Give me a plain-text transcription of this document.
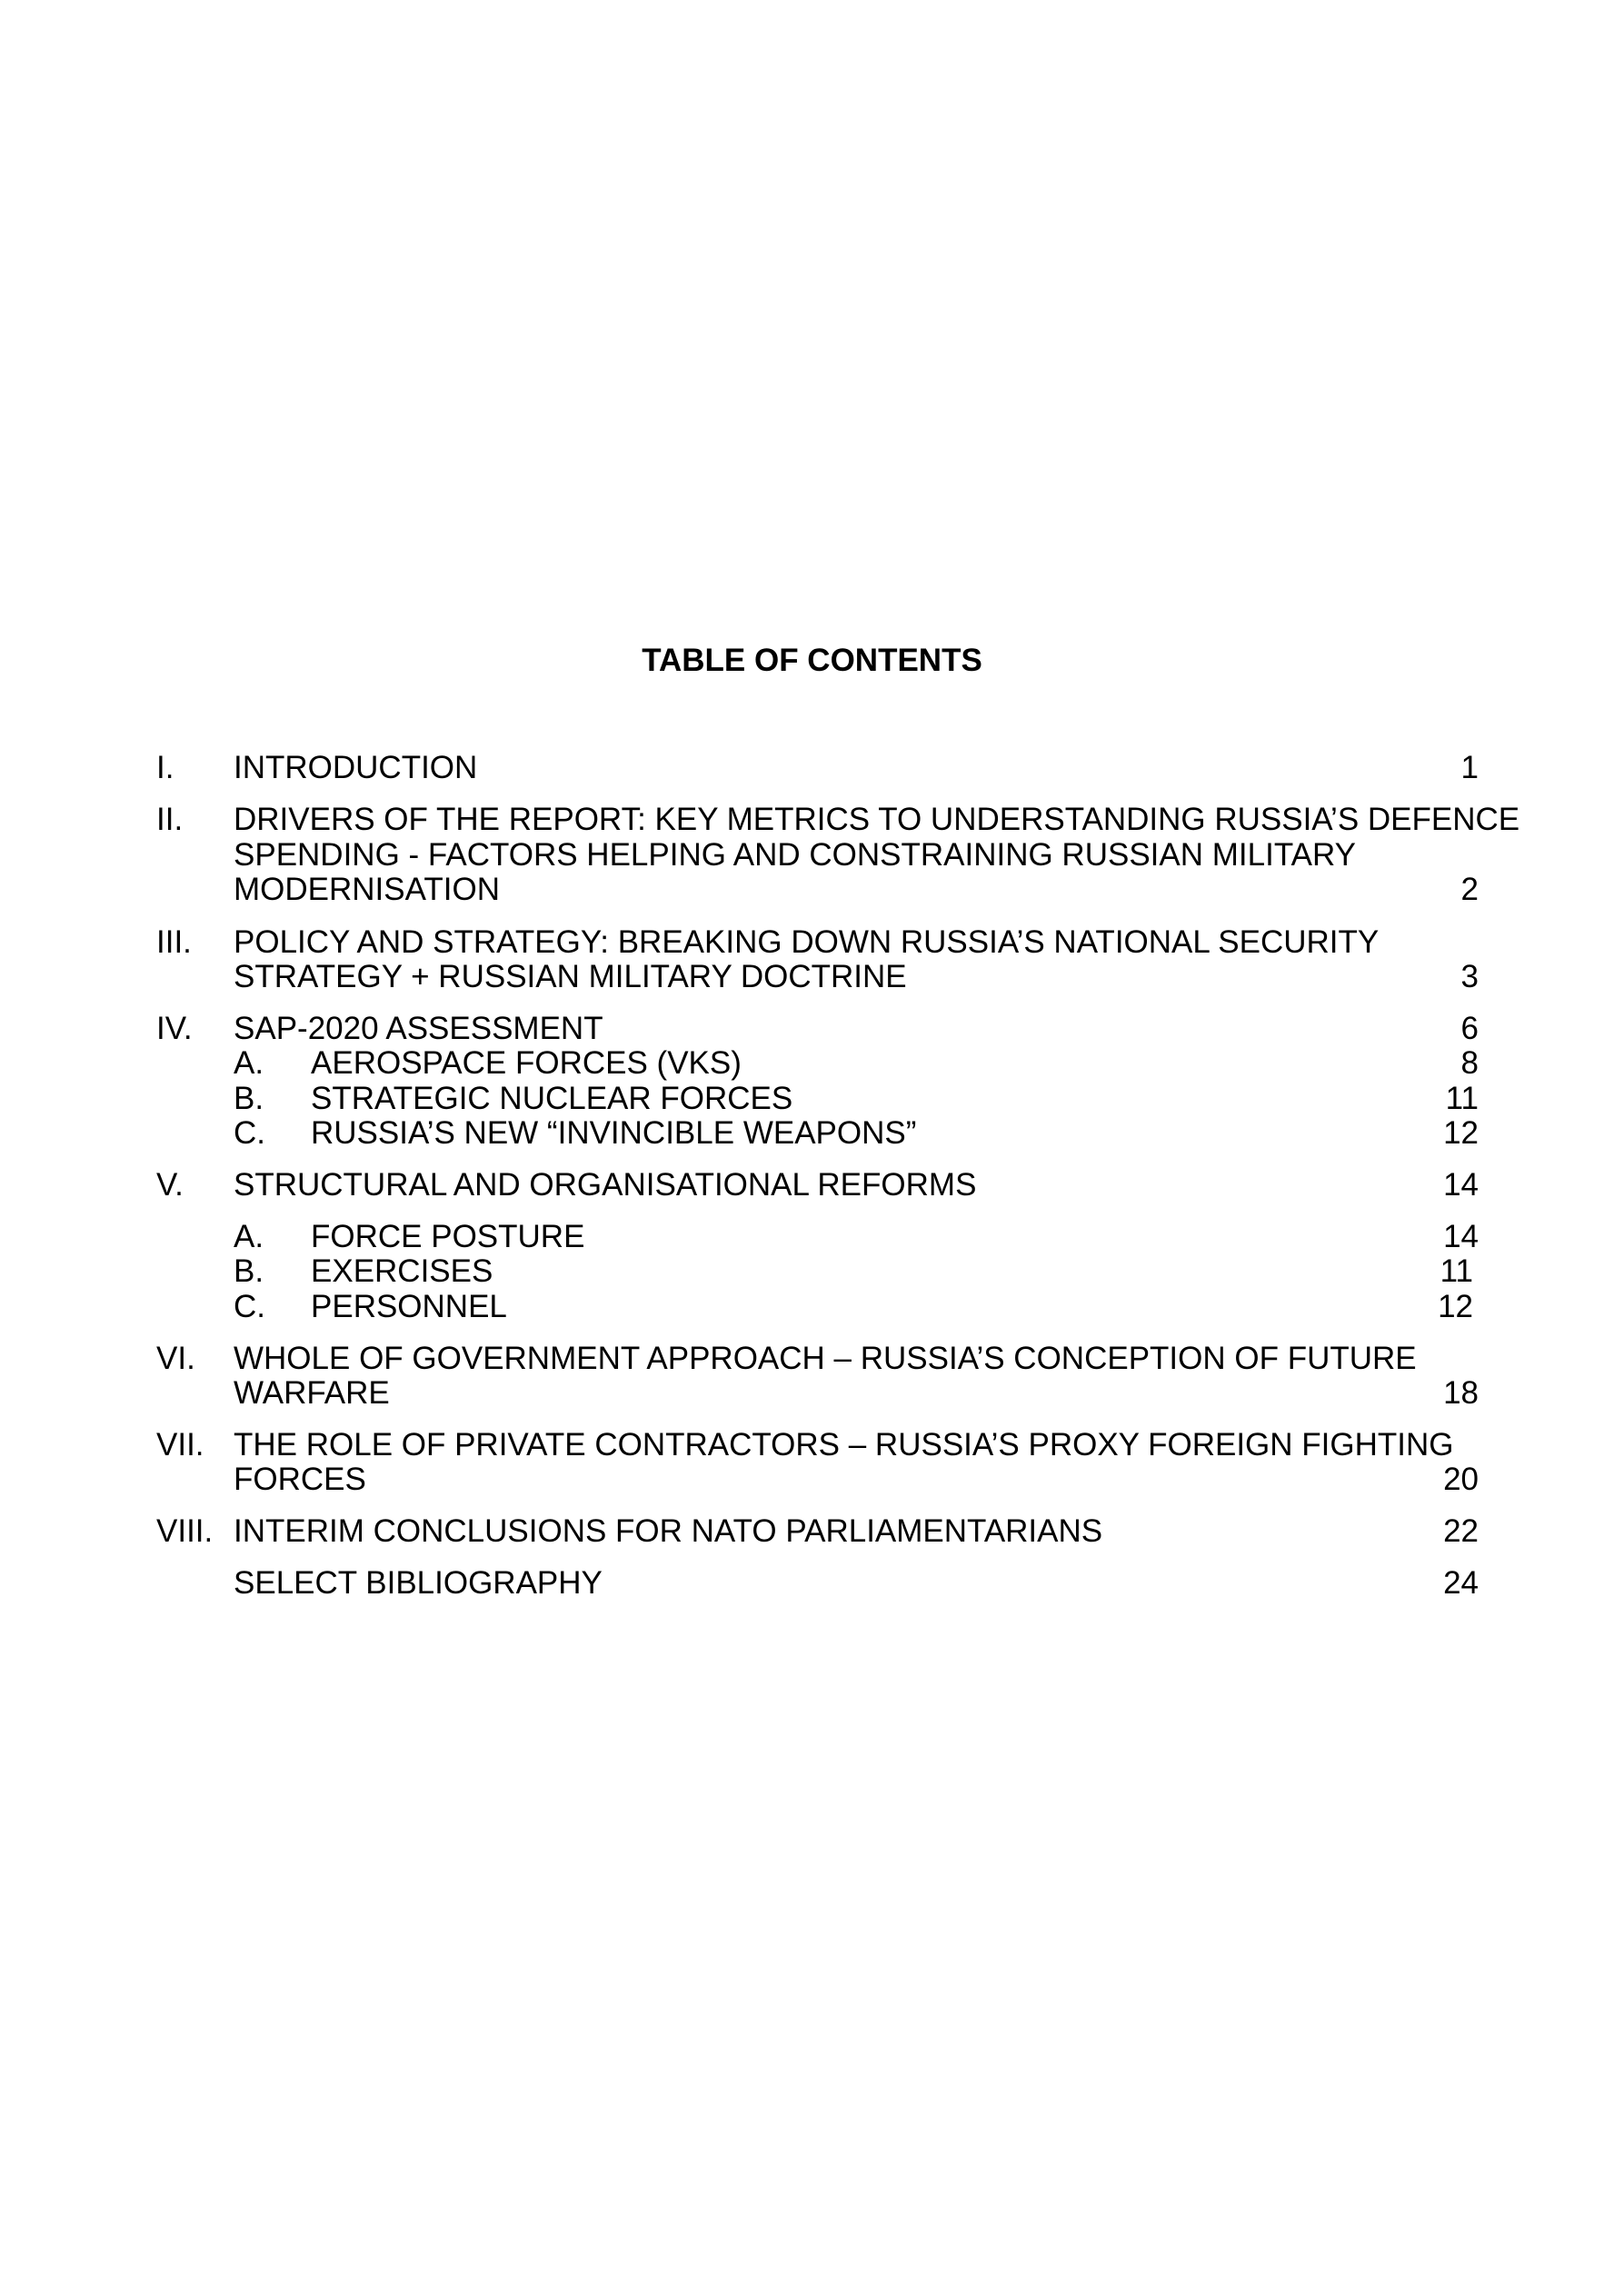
TABLE OF CONTENTS
I. INTRODUCTION	1
II. DRIVERS OF THE REPORT: KEY METRICS TO UNDERSTANDING RUSSIA’S DEFENCE
SPENDING - FACTORS HELPING AND CONSTRAINING RUSSIAN MILITARY
MODERNISATION	2
III. POLICY AND STRATEGY: BREAKING DOWN RUSSIA’S NATIONAL SECURITY
STRATEGY + RUSSIAN MILITARY DOCTRINE	3
IV. SAP-2020 ASSESSMENT	6
A. AEROSPACE FORCES (VKS)	8
B. STRATEGIC NUCLEAR FORCES	11
C. RUSSIA’S NEW “INVINCIBLE WEAPONS”	12
V. STRUCTURAL AND ORGANISATIONAL REFORMS	14
A. FORCE POSTURE	14
B. EXERCISES	11
C. PERSONNEL	12
VI. WHOLE OF GOVERNMENT APPROACH – RUSSIA’S CONCEPTION OF FUTURE
WARFARE	18
VII. THE ROLE OF PRIVATE CONTRACTORS – RUSSIA’S PROXY FOREIGN FIGHTING
FORCES	20
VIII. INTERIM CONCLUSIONS FOR NATO PARLIAMENTARIANS	22
SELECT BIBLIOGRAPHY	24
